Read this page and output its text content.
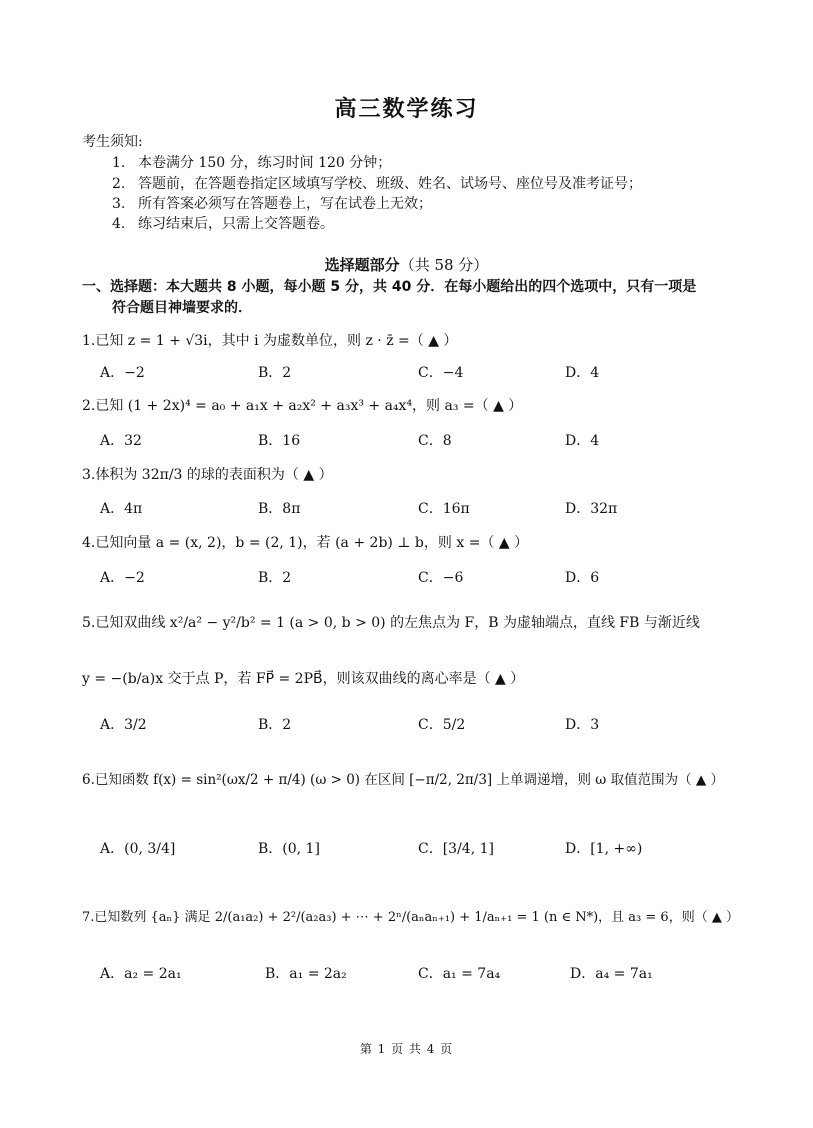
高三数学练习
考生须知:
1. 本卷满分 150 分，练习时间 120 分钟；
2. 答题前，在答题卷指定区域填写学校、班级、姓名、试场号、座位号及准考证号；
3. 所有答案必须写在答题卷上，写在试卷上无效；
4. 练习结束后，只需上交答题卷。
选择题部分（共 58 分）
一、选择题：本大题共 8 小题，每小题 5 分，共 40 分．在每小题给出的四个选项中，只有一项是
符合题目神墙要求的．
1.已知 z = 1 + √3i，其中 i 为虚数单位，则 z · z̄ =（ ▲ ）
A．−2	B．2	C．−4	D．4
2.已知 (1 + 2x)⁴ = a₀ + a₁x + a₂x² + a₃x³ + a₄x⁴，则 a₃ =（ ▲ ）
A．32	B．16	C．8	D．4
3.体积为 32π/3 的球的表面积为（ ▲ ）
A．4π	B．8π	C．16π	D．32π
4.已知向量 a = (x, 2)，b = (2, 1)，若 (a + 2b) ⊥ b，则 x =（ ▲ ）
A．−2	B．2	C．−6	D．6
5.已知双曲线 x²/a² − y²/b² = 1 (a > 0, b > 0) 的左焦点为 F，B 为虚轴端点，直线 FB 与渐近线
y = −(b/a)x 交于点 P，若 FP⃗ = 2PB⃗，则该双曲线的离心率是（ ▲ ）
A．3/2	B．2	C．5/2	D．3
6.已知函数 f(x) = sin²(ωx/2 + π/4) (ω > 0) 在区间 [−π/2, 2π/3] 上单调递增，则 ω 取值范围为（ ▲ ）
A．(0, 3/4]	B．(0, 1]	C．[3/4, 1]	D．[1, +∞)
7.已知数列 {aₙ} 满足 2/(a₁a₂) + 2²/(a₂a₃) + ⋯ + 2ⁿ/(aₙaₙ₊₁) + 1/aₙ₊₁ = 1 (n ∈ N*)，且 a₃ = 6，则（ ▲ ）
A．a₂ = 2a₁	B．a₁ = 2a₂	C．a₁ = 7a₄	D．a₄ = 7a₁
第 1 页 共 4 页
